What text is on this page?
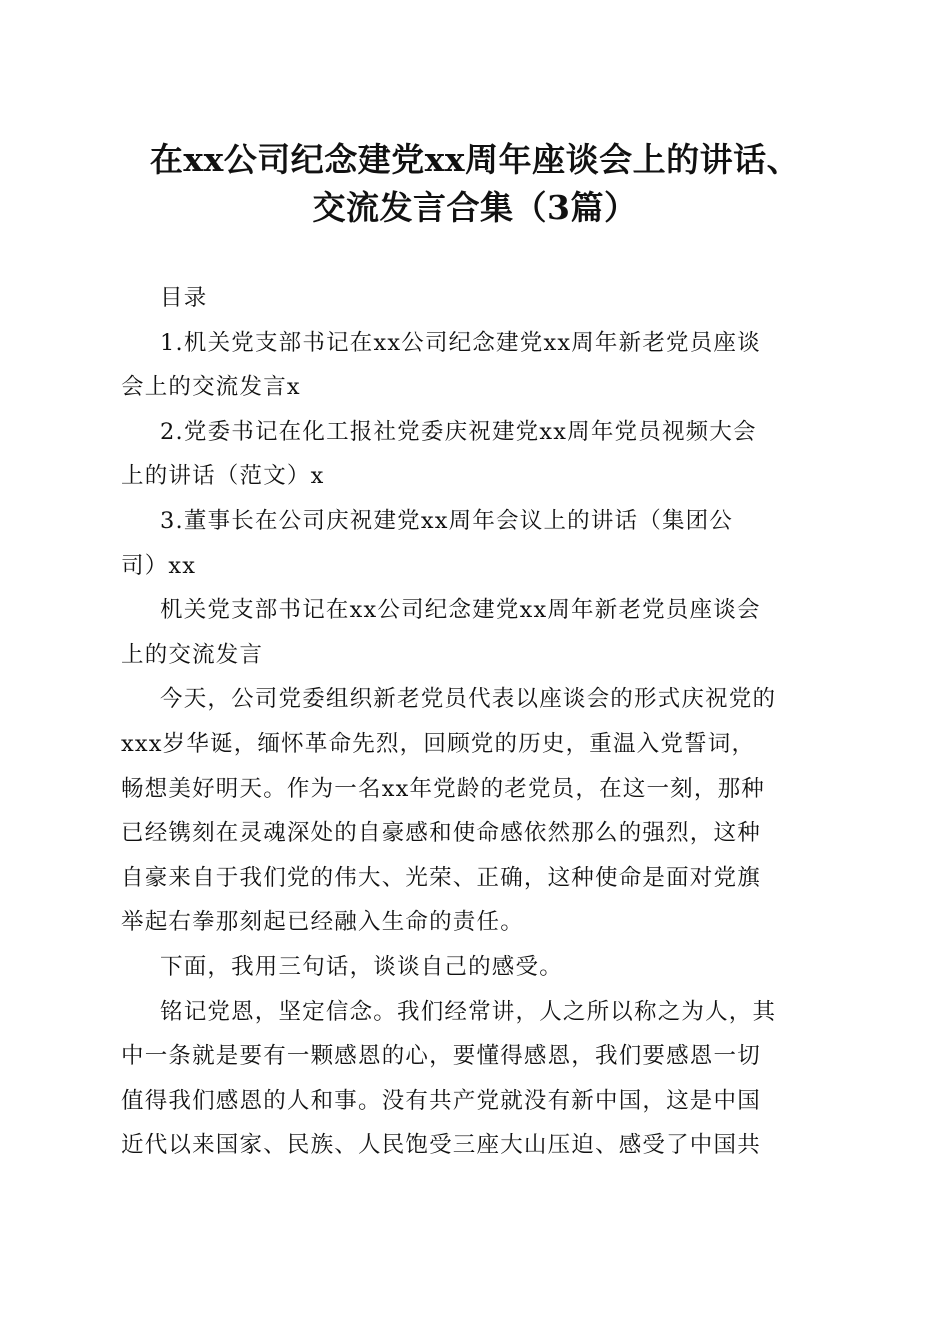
在xx公司纪念建党xx周年座谈会上的讲话、
交流发言合集（3篇）
目录
1.机关党支部书记在xx公司纪念建党xx周年新老党员座谈
会上的交流发言x
2.党委书记在化工报社党委庆祝建党xx周年党员视频大会
上的讲话（范文）x
3.董事长在公司庆祝建党xx周年会议上的讲话（集团公
司）xx
机关党支部书记在xx公司纪念建党xx周年新老党员座谈会
上的交流发言
今天，公司党委组织新老党员代表以座谈会的形式庆祝党的
xxx岁华诞，缅怀革命先烈，回顾党的历史，重温入党誓词，
畅想美好明天。作为一名xx年党龄的老党员，在这一刻，那种
已经镌刻在灵魂深处的自豪感和使命感依然那么的强烈，这种
自豪来自于我们党的伟大、光荣、正确，这种使命是面对党旗
举起右拳那刻起已经融入生命的责任。
下面，我用三句话，谈谈自己的感受。
铭记党恩，坚定信念。我们经常讲，人之所以称之为人，其
中一条就是要有一颗感恩的心，要懂得感恩，我们要感恩一切
值得我们感恩的人和事。没有共产党就没有新中国，这是中国
近代以来国家、民族、人民饱受三座大山压迫、感受了中国共
